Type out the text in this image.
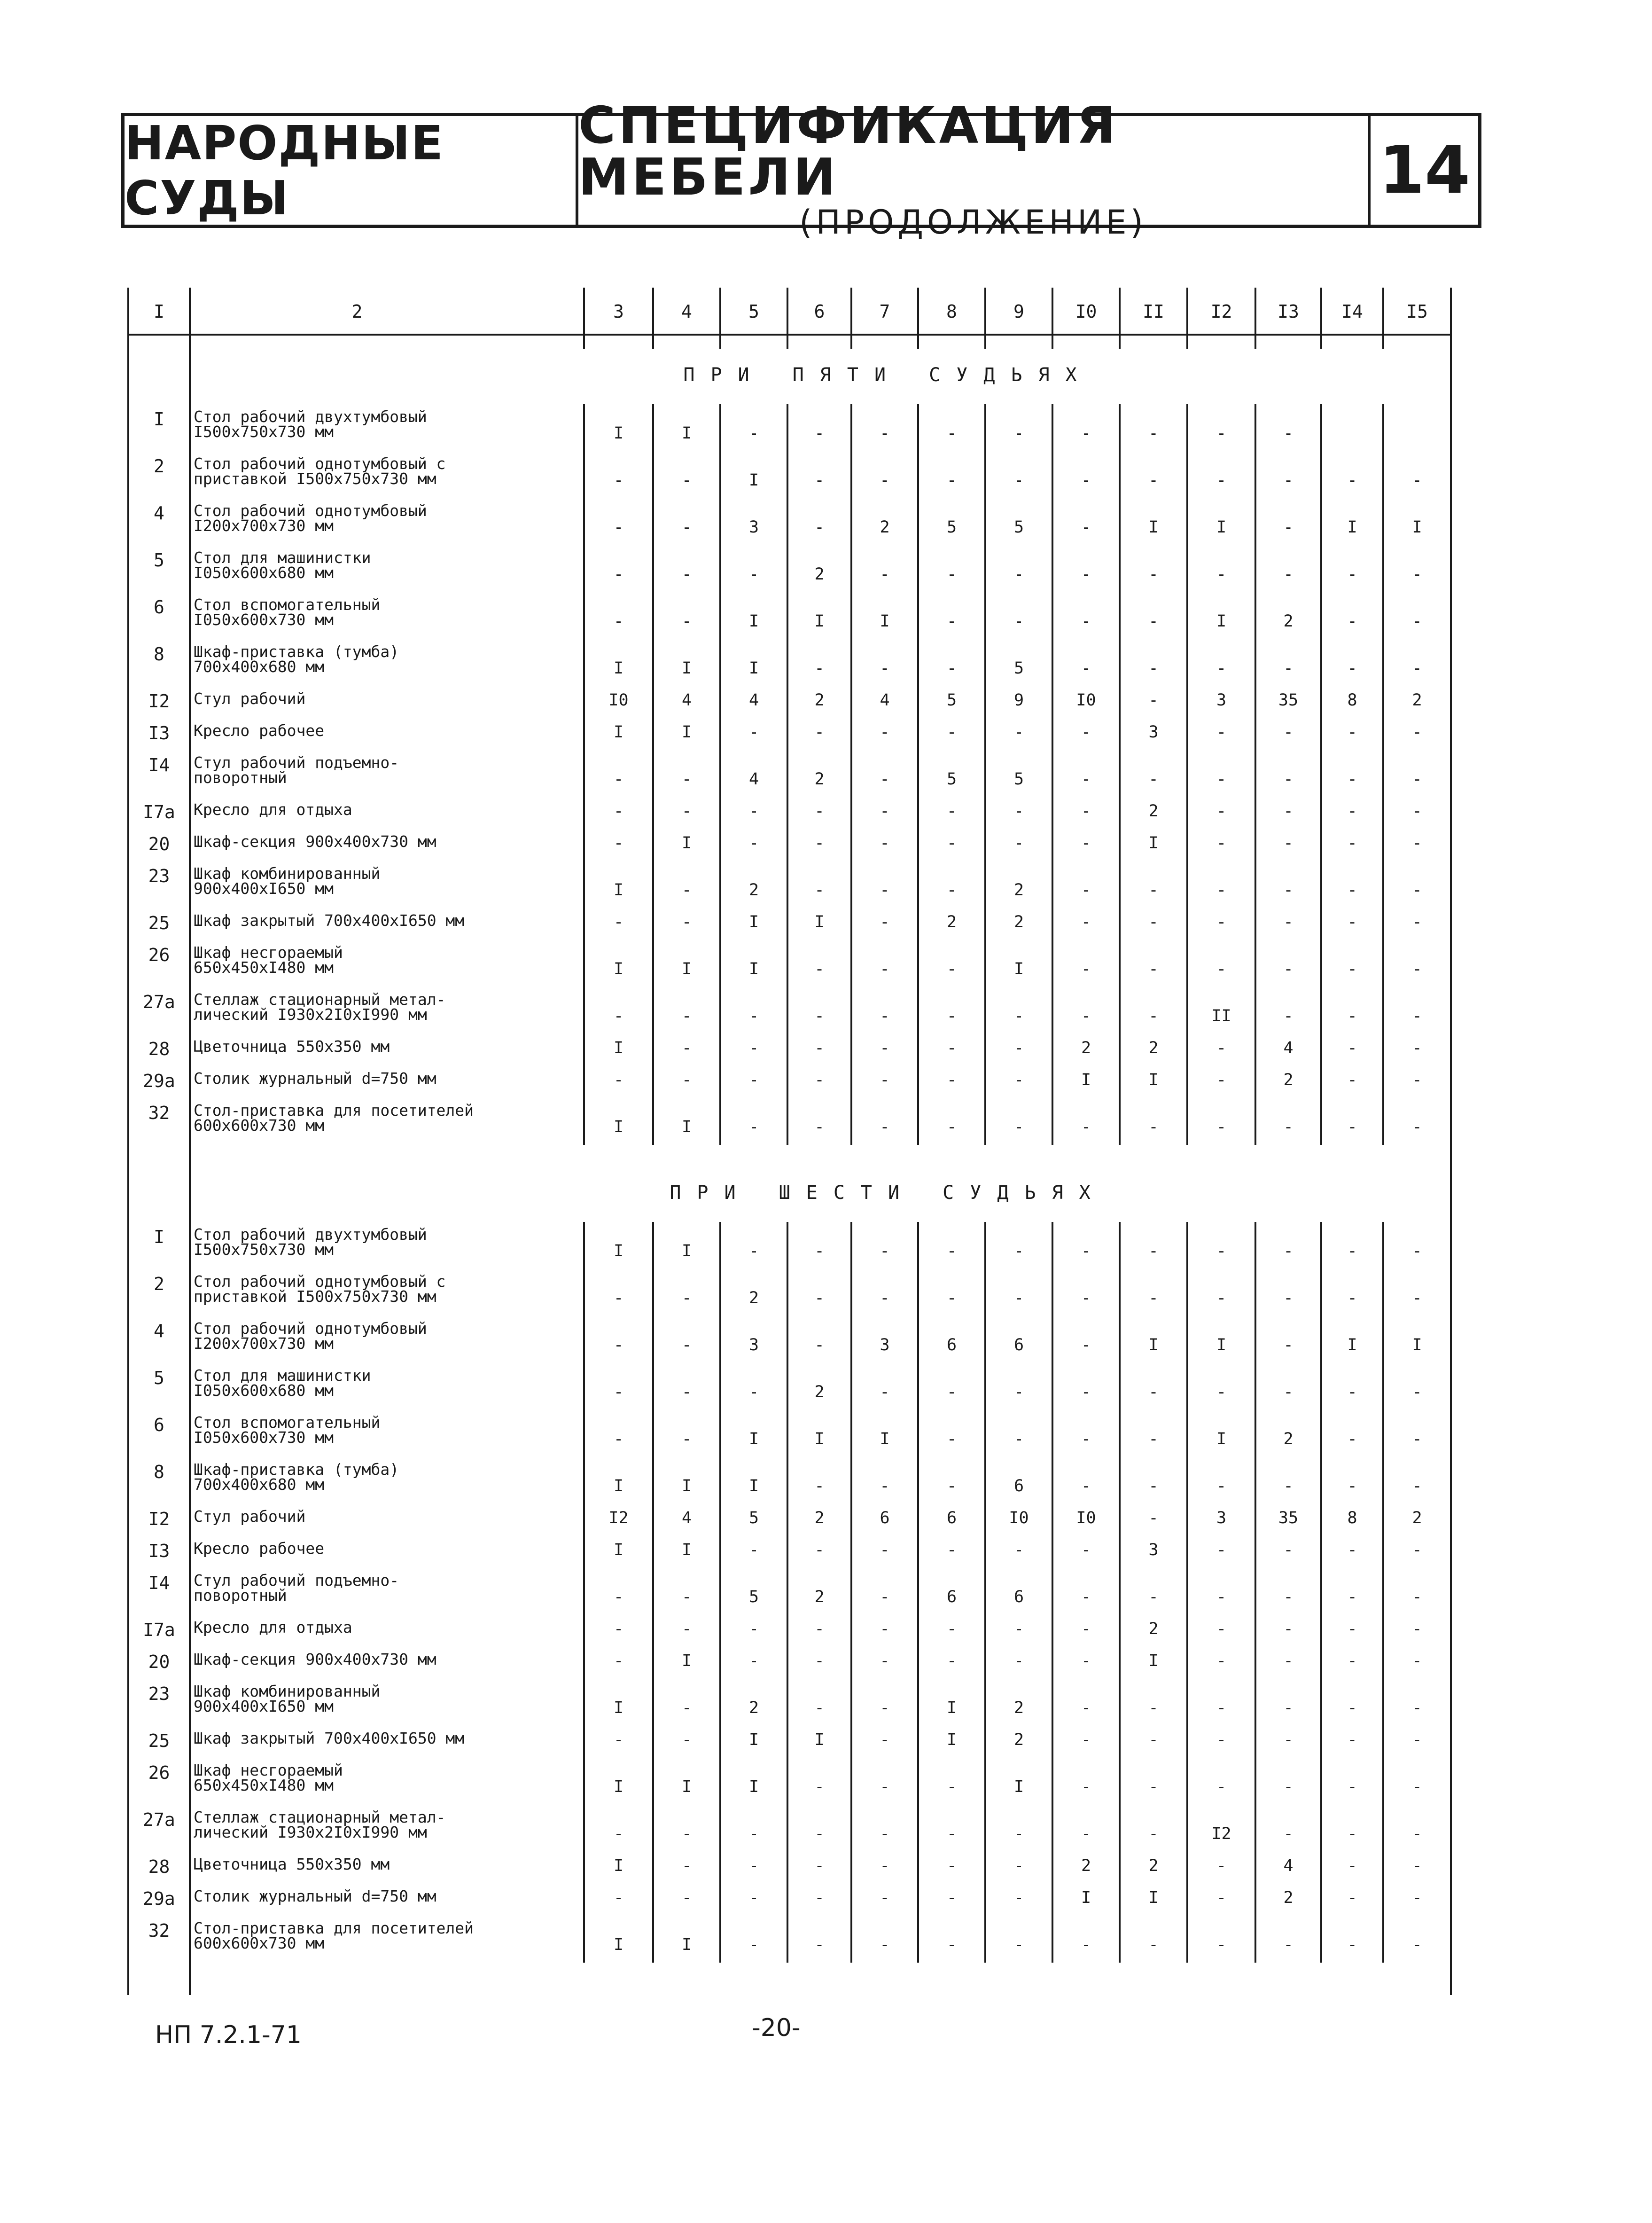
НАРОДНЫЕ СУДЫ
СПЕЦИФИКАЦИЯ МЕБЕЛИ
(ПРОДОЛЖЕНИЕ)
14
I	2	3	4	5	6	7	8	9	I0	II	I2	I3 I4 I5
ПРИ ПЯТИ СУДЬЯХ
I Стол рабочий двухтумбовый
I500x750x730 мм	I	I	-	-	-	-	-	-	-	-	-
2 Стол рабочий однотумбовый с
приставкой I500x750x730 мм	-	-	I	-	-	-	-	-	-	-	-	-	-
4 Стол рабочий однотумбовый
I200x700x730 мм	-	-	3	-	2	5	5	-	I	I	-	I	I
5 Стол для машинистки
I050x600x680 мм	-	-	-	2	-	-	-	-	-	-	-	-	-
6 Стол вспомогательный
I050x600x730 мм	-	-	I	I	I	-	-	-	-	I	2	-	-
8 Шкаф-приставка (тумба)
700x400x680 мм	I	I	I	-	-	-	5	-	-	-	-	-	-
I2 Стул рабочий	I0	4	4	2	4	5	9	I0	-	3	35	8	2
I3 Кресло рабочее	I	I	-	-	-	-	-	-	3	-	-	-	-
I4 Стул рабочий подъемно-
поворотный	-	-	4	2	-	5	5	-	-	-	-	-	-
I7a Кресло для отдыха	-	-	-	-	-	-	-	-	2	-	-	-	-
20 Шкаф-секция 900x400x730 мм	-	I	-	-	-	-	-	-	I	-	-	-	-
23 Шкаф комбинированный
900x400xI650 мм	I	-	2	-	-	-	2	-	-	-	-	-	-
25 Шкаф закрытый 700x400xI650 мм	-	-	I	I	-	2	2	-	-	-	-	-	-
26 Шкаф несгораемый
650x450xI480 мм	I	I	I	-	-	-	I	-	-	-	-	-	-
27a Стеллаж стационарный метал-
лический I930x2I0xI990 мм	-	-	-	-	-	-	-	-	-	II	-	-	-
28 Цветочница 550x350 мм	I	-	-	-	-	-	-	2	2	-	4	-	-
29a Столик журнальный d=750 мм	-	-	-	-	-	-	-	I	I	-	2	-	-
32 Стол-приставка для посетителей
600x600x730 мм	I	I	-	-	-	-	-	-	-	-	-	-	-
ПРИ ШЕСТИ СУДЬЯХ
I Стол рабочий двухтумбовый
I500x750x730 мм	I	I	-	-	-	-	-	-	-	-	-	-	-
2 Стол рабочий однотумбовый с
приставкой I500x750x730 мм	-	-	2	-	-	-	-	-	-	-	-	-	-
4 Стол рабочий однотумбовый
I200x700x730 мм	-	-	3	-	3	6	6	-	I	I	-	I	I
5 Стол для машинистки
I050x600x680 мм	-	-	-	2	-	-	-	-	-	-	-	-	-
6 Стол вспомогательный
I050x600x730 мм	-	-	I	I	I	-	-	-	-	I	2	-	-
8 Шкаф-приставка (тумба)
700x400x680 мм	I	I	I	-	-	-	6	-	-	-	-	-	-
I2 Стул рабочий	I2	4	5	2	6	6	I0	I0	-	3	35	8	2
I3 Кресло рабочее	I	I	-	-	-	-	-	-	3	-	-	-	-
I4 Стул рабочий подъемно-
поворотный	-	-	5	2	-	6	6	-	-	-	-	-	-
I7a Кресло для отдыха	-	-	-	-	-	-	-	-	2	-	-	-	-
20 Шкаф-секция 900x400x730 мм	-	I	-	-	-	-	-	-	I	-	-	-	-
23 Шкаф комбинированный
900x400xI650 мм	I	-	2	-	-	I	2	-	-	-	-	-	-
25 Шкаф закрытый 700x400xI650 мм	-	-	I	I	-	I	2	-	-	-	-	-	-
26 Шкаф несгораемый
650x450xI480 мм	I	I	I	-	-	-	I	-	-	-	-	-	-
27a Стеллаж стационарный метал-
лический I930x2I0xI990 мм	-	-	-	-	-	-	-	-	-	I2	-	-	-
28 Цветочница 550x350 мм	I	-	-	-	-	-	-	2	2	-	4	-	-
29a Столик журнальный d=750 мм	-	-	-	-	-	-	-	I	I	-	2	-	-
32 Стол-приставка для посетителей
600x600x730 мм	I	I	-	-	-	-	-	-	-	-	-	-	-
НП 7.2.1-71	-20-
